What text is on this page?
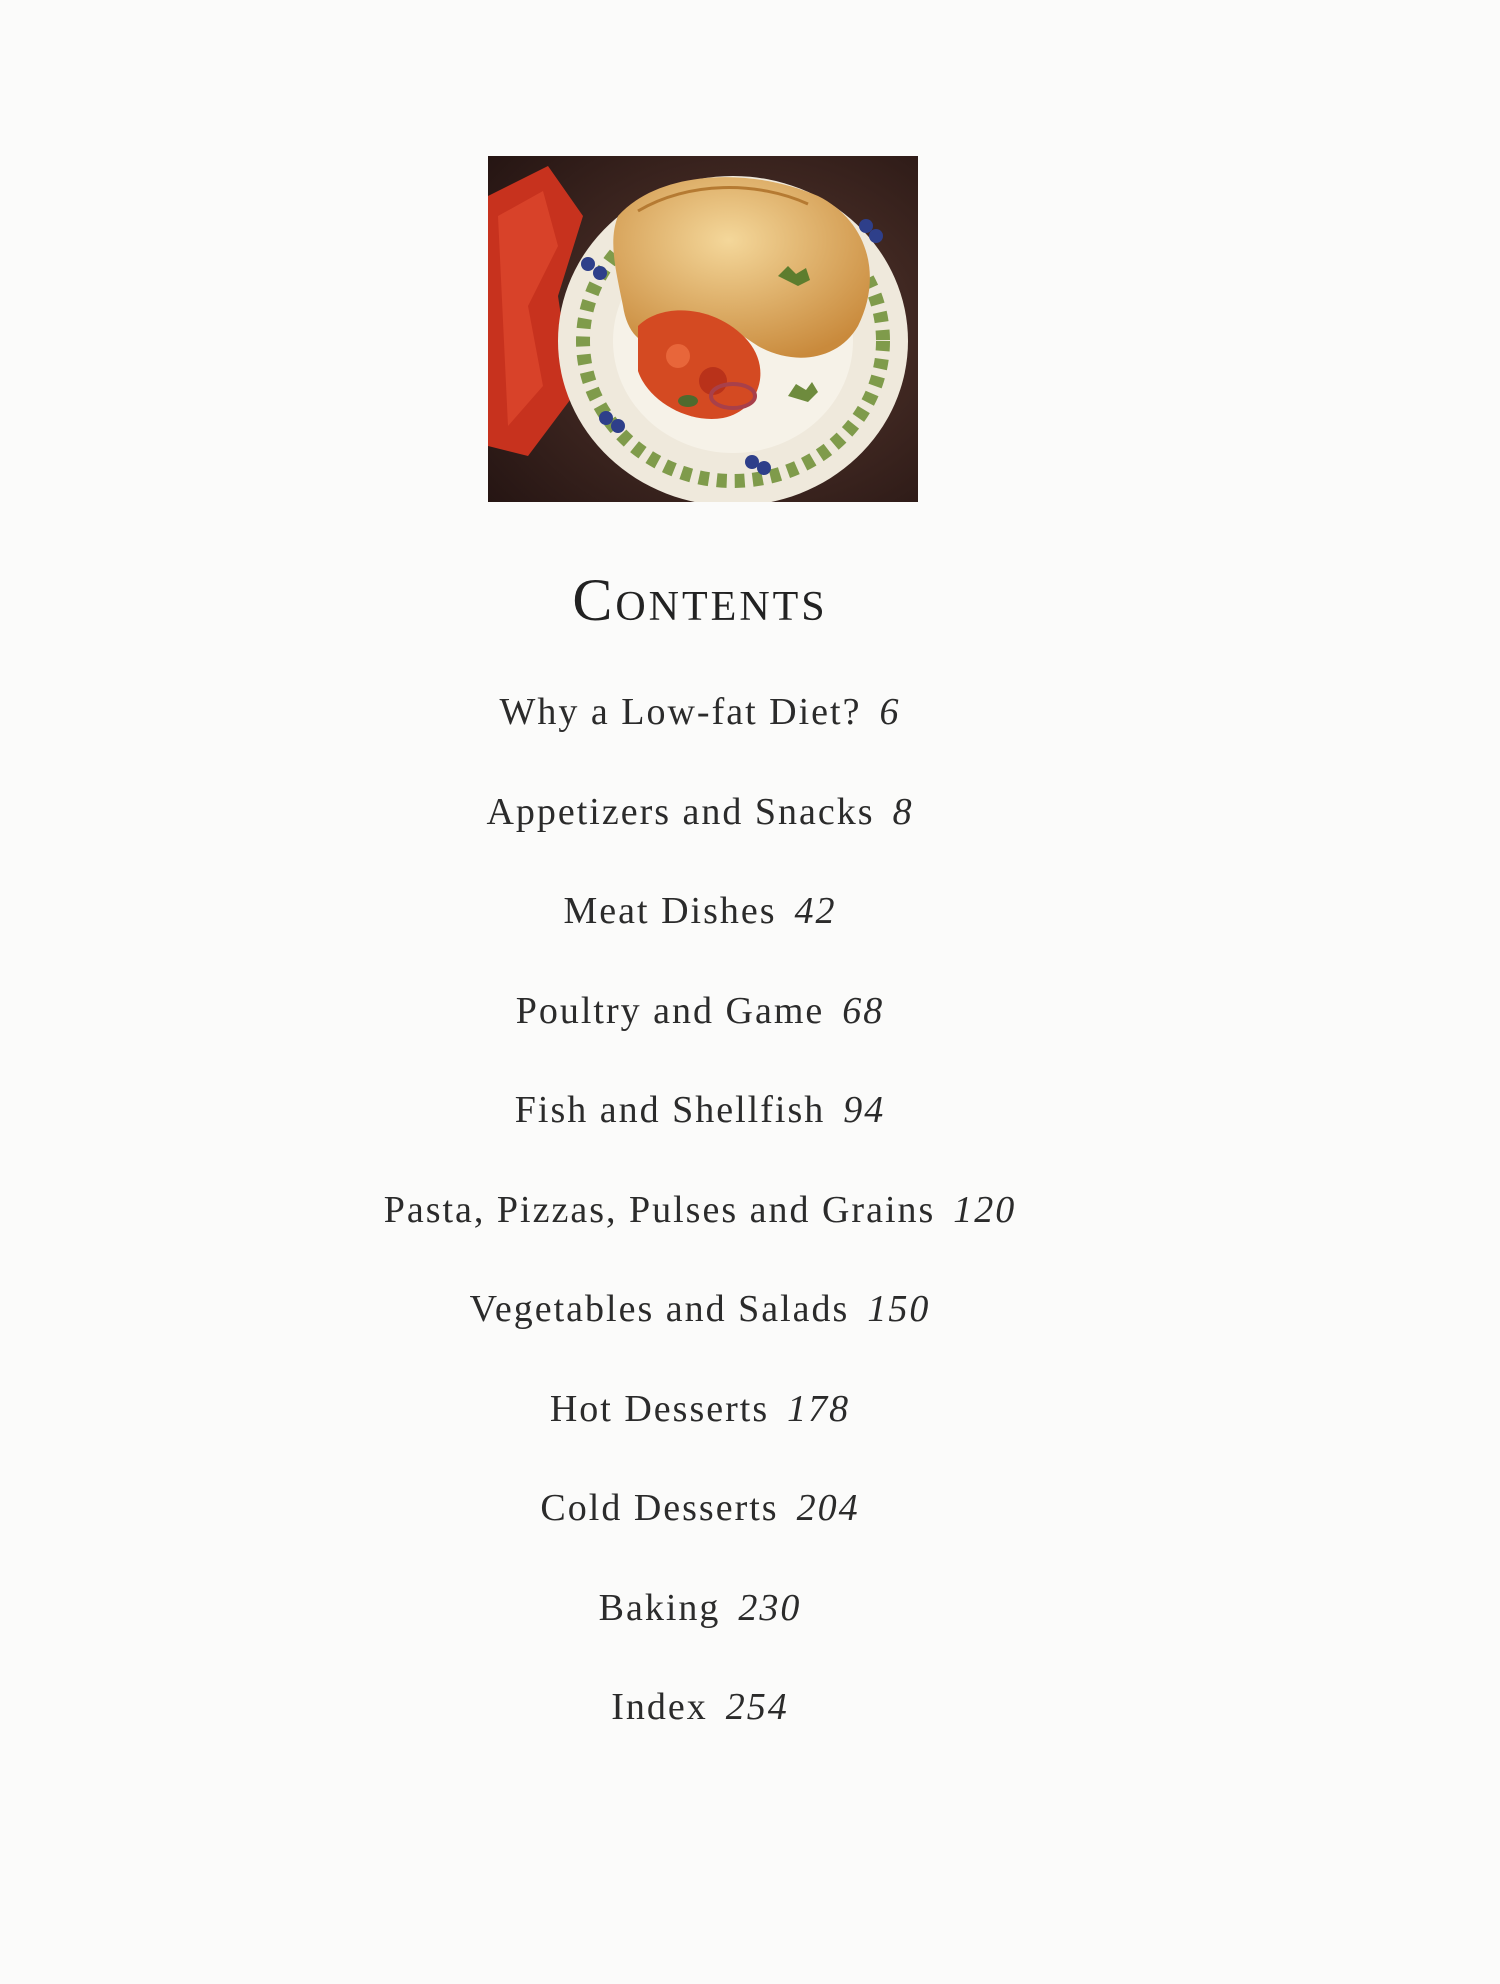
Contents
Why a Low-fat Diet? 6
Appetizers and Snacks 8
Meat Dishes 42
Poultry and Game 68
Fish and Shellfish 94
Pasta, Pizzas, Pulses and Grains 120
Vegetables and Salads 150
Hot Desserts 178
Cold Desserts 204
Baking 230
Index 254
